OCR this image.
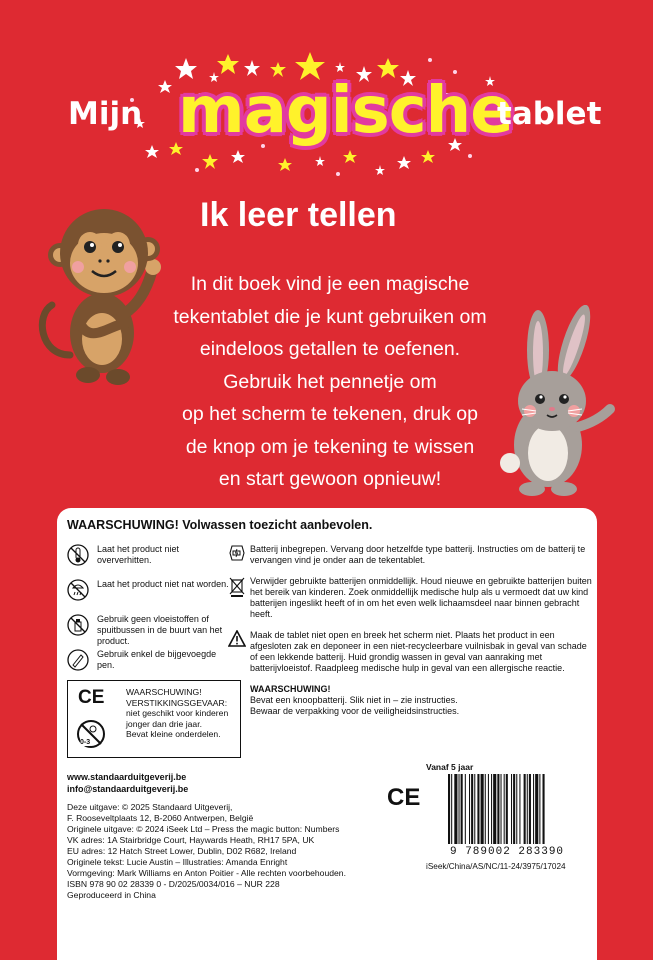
Mijn magische
tablet
Ik leer tellen
In dit boek vind je een magische
tekentablet die je kunt gebruiken om
eindeloos getallen te oefenen.
Gebruik het pennetje om
op het scherm te tekenen, druk op
de knop om je tekening te wissen
en start gewoon opnieuw!
WAARSCHUWING! Volwassen toezicht aanbevolen.
Laat het product niet oververhitten.
Laat het product niet nat worden.
Gebruik geen vloeistoffen of spuitbussen in de buurt van het product.
Gebruik enkel de bijgevoegde pen.
Batterij inbegrepen. Vervang door hetzelfde type batterij. Instructies om de batterij te vervangen vind je onder aan de tekentablet.
Verwijder gebruikte batterijen onmiddellijk. Houd nieuwe en gebruikte batterijen buiten het bereik van kinderen. Zoek onmiddellijk medische hulp als u vermoedt dat uw kind batterijen ingeslikt heeft of in om het even welk lichaamsdeel naar binnen gebracht heeft.
Maak de tablet niet open en breek het scherm niet. Plaats het product in een afgesloten zak en deponeer in een niet-recycleerbare vuilnisbak in geval van schade of een lekkende batterij. Huid grondig wassen in geval van aanraking met batterijvloeistof. Raadpleeg medische hulp in geval van een allergische reactie.
WAARSCHUWING!
Bevat een knoopbatterij. Slik niet in – zie instructies.
Bewaar de verpakking voor de veiligheidsinstructies.
CE
0-3
WAARSCHUWING!
VERSTIKKINGSGEVAAR:
niet geschikt voor kinderen
jonger dan drie jaar.
Bevat kleine onderdelen.
www.standaarduitgeverij.be
info@standaarduitgeverij.be
Deze uitgave: © 2025 Standaard Uitgeverij,
F. Rooseveltplaats 12, B-2060 Antwerpen, België
Originele uitgave: © 2024 iSeek Ltd – Press the magic button: Numbers
VK adres: 1A Stairbridge Court, Haywards Heath, RH17 5PA, UK
EU adres: 12 Hatch Street Lower, Dublin, D02 R682, Ireland
Originele tekst: Lucie Austin – Illustraties: Amanda Enright
Vormgeving: Mark Williams en Anton Poitier - Alle rechten voorbehouden.
ISBN 978 90 02 28339 0 - D/2025/0034/016 – NUR 228
Geproduceerd in China
Vanaf 5 jaar
CE
9 789002 283390
iSeek/China/AS/NC/11-24/3975/17024
